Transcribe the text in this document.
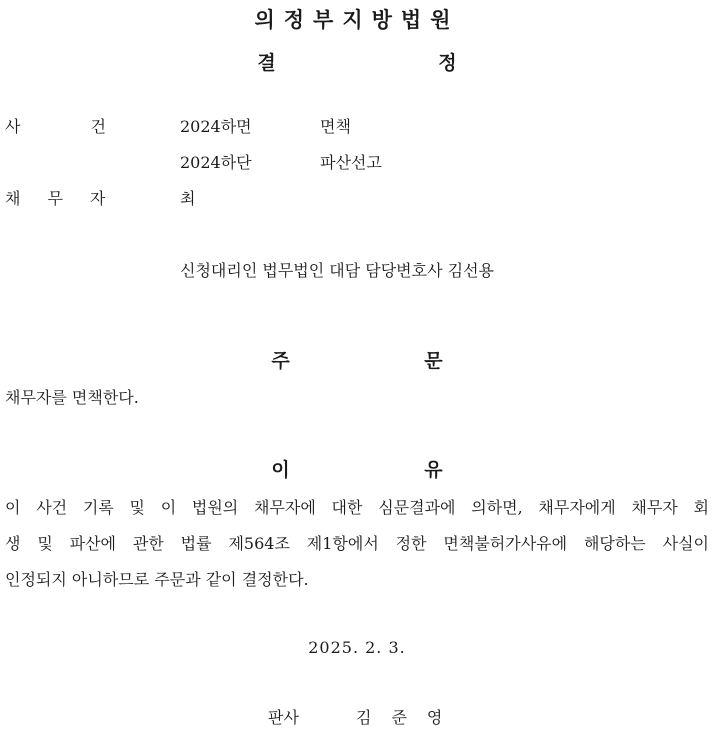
의정부지방법원
결 정
사건 2024하면	면책
2024하단	파산선고
채무자	최
신청대리인 법무법인 대담 담당변호사 김선용
주 문
채무자를 면책한다.
이 유
이 사건 기록 및 이 법원의 채무자에 대한 심문결과에 의하면, 채무자에게 채무자 회
생 및 파산에 관한 법률 제564조 제1항에서 정한 면책불허가사유에 해당하는 사실이
인정되지 아니하므로 주문과 같이 결정한다.
2025. 2. 3.
판사	김준영
